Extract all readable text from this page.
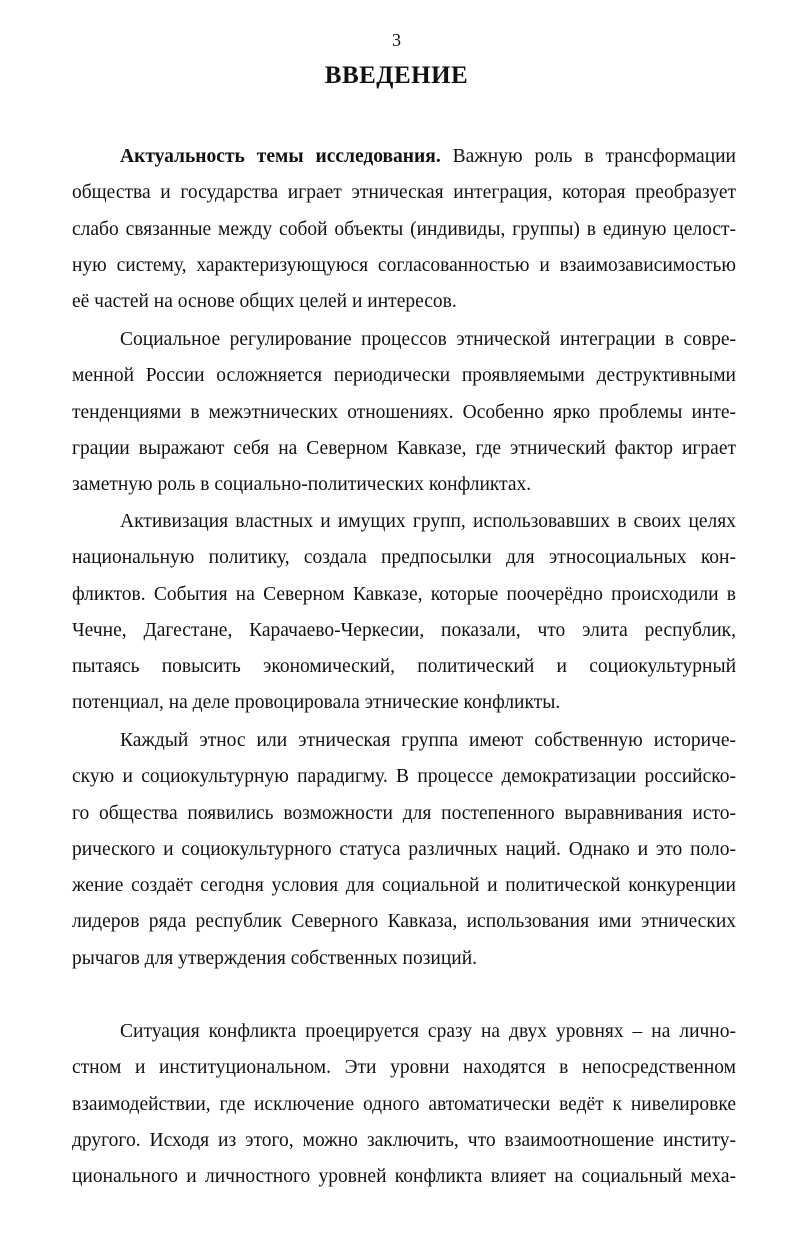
3
ВВЕДЕНИЕ
Актуальность темы исследования. Важную роль в трансформации
общества и государства играет этническая интеграция, которая преобразует
слабо связанные между собой объекты (индивиды, группы) в единую целост-
ную систему, характеризующуюся согласованностью и взаимозависимостью
её частей на основе общих целей и интересов.
Социальное регулирование процессов этнической интеграции в совре-
менной России осложняется периодически проявляемыми деструктивными
тенденциями в межэтнических отношениях. Особенно ярко проблемы инте-
грации выражают себя на Северном Кавказе, где этнический фактор играет
заметную роль в социально-политических конфликтах.
Активизация властных и имущих групп, использовавших в своих целях
национальную политику, создала предпосылки для этносоциальных кон-
фликтов. События на Северном Кавказе, которые поочерёдно происходили в
Чечне, Дагестане, Карачаево-Черкесии, показали, что элита республик,
пытаясь повысить экономический, политический и социокультурный
потенциал, на деле провоцировала этнические конфликты.
Каждый этнос или этническая группа имеют собственную историче-
скую и социокультурную парадигму. В процессе демократизации российско-
го общества появились возможности для постепенного выравнивания исто-
рического и социокультурного статуса различных наций. Однако и это поло-
жение создаёт сегодня условия для социальной и политической конкуренции
лидеров ряда республик Северного Кавказа, использования ими этнических
рычагов для утверждения собственных позиций.
Ситуация конфликта проецируется сразу на двух уровнях – на лично-
стном и институциональном. Эти уровни находятся в непосредственном
взаимодействии, где исключение одного автоматически ведёт к нивелировке
другого. Исходя из этого, можно заключить, что взаимоотношение институ-
ционального и личностного уровней конфликта влияет на социальный меха-
